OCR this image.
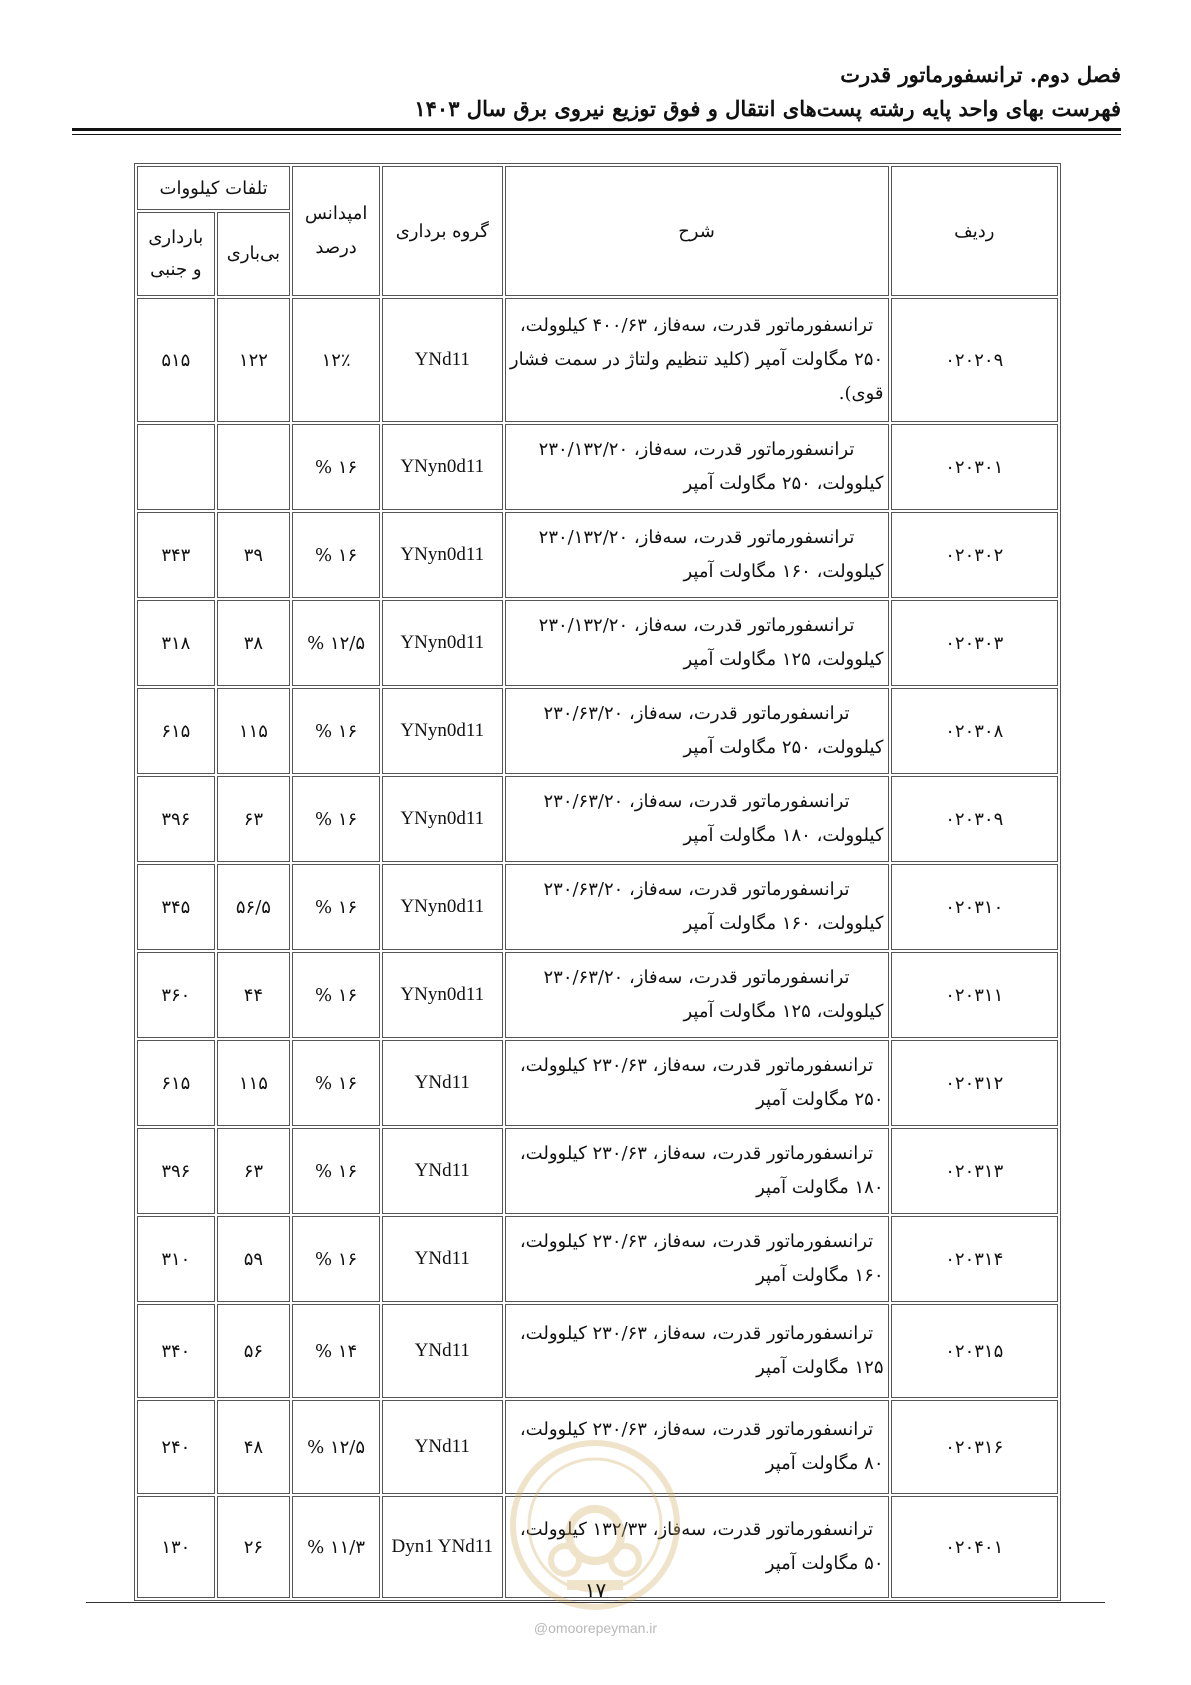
فصل دوم. ترانسفورماتور قدرت
فهرست بهای واحد پایه رشته پست‌های انتقال و فوق توزیع نیروی برق سال ۱۴۰۳
ردیف	شرح	گروه برداری	امپدانس درصد	تلفات کیلووات	
				بی‌باری	باردارى و جنبی
۰۲۰۲۰۹	ترانسفورماتور قدرت، سه‌فاز، ۴۰۰/۶۳ کیلوولت، ۲۵۰ مگاولت آمپر (کلید تنظیم ولتاژ در سمت فشار قوی).	YNd11	۱۲٪	۱۲۲	۵۱۵
۰۲۰۳۰۱	ترانسفورماتور قدرت، سه‌فاز، ۲۳۰/۱۳۲/۲۰ کیلوولت، ۲۵۰ مگاولت آمپر	YNyn0d11	۱۶ %		
۰۲۰۳۰۲	ترانسفورماتور قدرت، سه‌فاز، ۲۳۰/۱۳۲/۲۰ کیلوولت، ۱۶۰ مگاولت آمپر	YNyn0d11	۱۶ %	۳۹	۳۴۳
۰۲۰۳۰۳	ترانسفورماتور قدرت، سه‌فاز، ۲۳۰/۱۳۲/۲۰ کیلوولت، ۱۲۵ مگاولت آمپر	YNyn0d11	۱۲/۵ %	۳۸	۳۱۸
۰۲۰۳۰۸	ترانسفورماتور قدرت، سه‌فاز، ۲۳۰/۶۳/۲۰ کیلوولت، ۲۵۰ مگاولت آمپر	YNyn0d11	۱۶ %	۱۱۵	۶۱۵
۰۲۰۳۰۹	ترانسفورماتور قدرت، سه‌فاز، ۲۳۰/۶۳/۲۰ کیلوولت، ۱۸۰ مگاولت آمپر	YNyn0d11	۱۶ %	۶۳	۳۹۶
۰۲۰۳۱۰	ترانسفورماتور قدرت، سه‌فاز، ۲۳۰/۶۳/۲۰ کیلوولت، ۱۶۰ مگاولت آمپر	YNyn0d11	۱۶ %	۵۶/۵	۳۴۵
۰۲۰۳۱۱	ترانسفورماتور قدرت، سه‌فاز، ۲۳۰/۶۳/۲۰ کیلوولت، ۱۲۵ مگاولت آمپر	YNyn0d11	۱۶ %	۴۴	۳۶۰
۰۲۰۳۱۲	ترانسفورماتور قدرت، سه‌فاز، ۲۳۰/۶۳ کیلوولت، ۲۵۰ مگاولت آمپر	YNd11	۱۶ %	۱۱۵	۶۱۵
۰۲۰۳۱۳	ترانسفورماتور قدرت، سه‌فاز، ۲۳۰/۶۳ کیلوولت، ۱۸۰ مگاولت آمپر	YNd11	۱۶ %	۶۳	۳۹۶
۰۲۰۳۱۴	ترانسفورماتور قدرت، سه‌فاز، ۲۳۰/۶۳ کیلوولت، ۱۶۰ مگاولت آمپر	YNd11	۱۶ %	۵۹	۳۱۰
۰۲۰۳۱۵	ترانسفورماتور قدرت، سه‌فاز، ۲۳۰/۶۳ کیلوولت، ۱۲۵ مگاولت آمپر	YNd11	۱۴ %	۵۶	۳۴۰
۰۲۰۳۱۶	ترانسفورماتور قدرت، سه‌فاز، ۲۳۰/۶۳ کیلوولت، ۸۰ مگاولت آمپر	YNd11	۱۲/۵ %	۴۸	۲۴۰
۰۲۰۴۰۱	ترانسفورماتور قدرت، سه‌فاز، ۱۳۲/۳۳ کیلوولت، ۵۰ مگاولت آمپر	Dyn1 YNd11	۱۱/۳ %	۲۶	۱۳۰
۱۷
@omoorepeyman.ir
